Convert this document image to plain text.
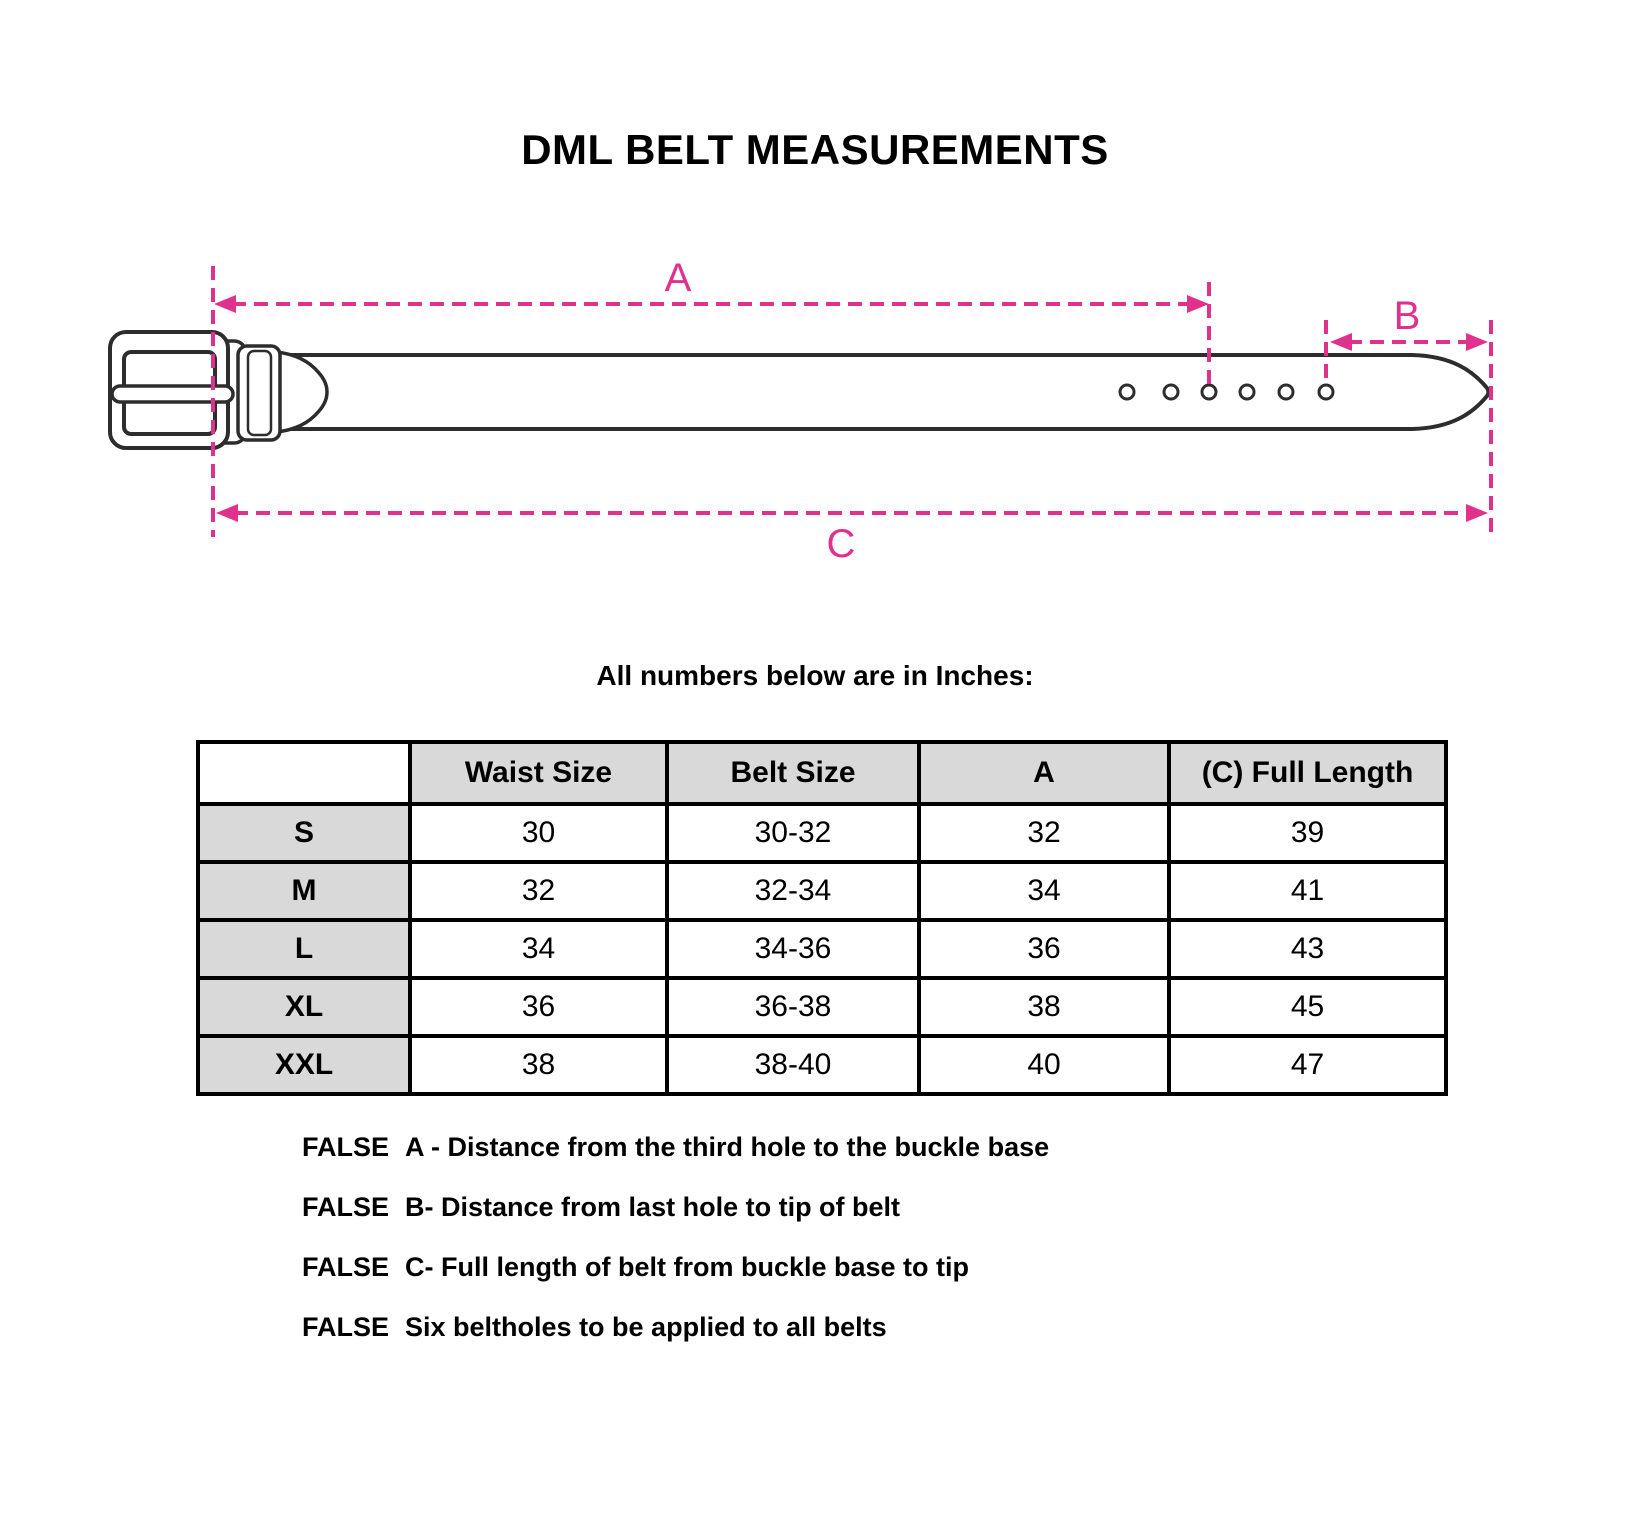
DML BELT MEASUREMENTS
A
B
C
All numbers below are in Inches:
	Waist Size	Belt Size	A	(C) Full Length
S	30	30-32	32	39
M	32	32-34	34	41
L	34	34-36	36	43
XL	36	36-38	38	45
XXL	38	38-40	40	47
FALSE A - Distance from the third hole to the buckle base
FALSE B- Distance from last hole to tip of belt
FALSE C- Full length of belt from buckle base to tip
FALSE Six beltholes to be applied to all belts
